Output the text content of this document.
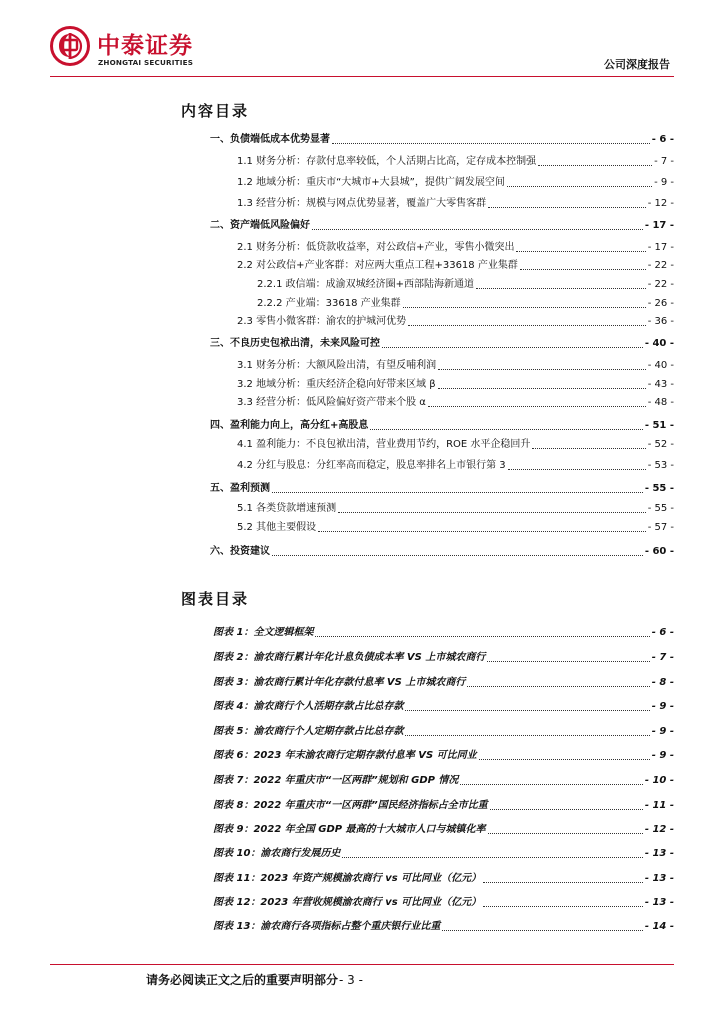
中泰证券
ZHONGTAI SECURITIES	公司深度报告
内容目录
一、负债端低成本优势显著	- 6 -
1.1 财务分析：存款付息率较低，个人活期占比高，定存成本控制强	- 7 -
1.2 地域分析：重庆市“大城市+大县城”，提供广阔发展空间	- 9 -
1.3 经营分析：规模与网点优势显著，覆盖广大零售客群	- 12 -
二、资产端低风险偏好	- 17 -
2.1 财务分析：低贷款收益率，对公政信+产业，零售小微突出	- 17 -
2.2 对公政信+产业客群：对应两大重点工程+33618 产业集群	- 22 -
2.2.1 政信端：成渝双城经济圈+西部陆海新通道	- 22 -
2.2.2 产业端：33618 产业集群	- 26 -
2.3 零售小微客群：渝农的护城河优势	- 36 -
三、不良历史包袱出清，未来风险可控	- 40 -
3.1 财务分析：大额风险出清，有望反哺利润	- 40 -
3.2 地域分析：重庆经济企稳向好带来区域 β	- 43 -
3.3 经营分析：低风险偏好资产带来个股 α	- 48 -
四、盈利能力向上，高分红+高股息	- 51 -
4.1 盈利能力：不良包袱出清，营业费用节约，ROE 水平企稳回升	- 52 -
4.2 分红与股息：分红率高而稳定，股息率排名上市银行第 3	- 53 -
五、盈利预测	- 55 -
5.1 各类贷款增速预测	- 55 -
5.2 其他主要假设	- 57 -
六、投资建议	- 60 -
图表目录
图表 1：全文逻辑框架	- 6 -
图表 2：渝农商行累计年化计息负债成本率 VS 上市城农商行	- 7 -
图表 3：渝农商行累计年化存款付息率 VS 上市城农商行	- 8 -
图表 4：渝农商行个人活期存款占比总存款	- 9 -
图表 5：渝农商行个人定期存款占比总存款	- 9 -
图表 6：2023 年末渝农商行定期存款付息率 VS 可比同业	- 9 -
图表 7：2022 年重庆市“一区两群”规划和 GDP 情况	- 10 -
图表 8：2022 年重庆市“一区两群”国民经济指标占全市比重	- 11 -
图表 9：2022 年全国 GDP 最高的十大城市人口与城镇化率	- 12 -
图表 10：渝农商行发展历史	- 13 -
图表 11：2023 年资产规模渝农商行 vs 可比同业（亿元）	- 13 -
图表 12：2023 年营收规模渝农商行 vs 可比同业（亿元）	- 13 -
图表 13：渝农商行各项指标占整个重庆银行业比重	- 14 -
请务必阅读正文之后的重要声明部分- 3 -
